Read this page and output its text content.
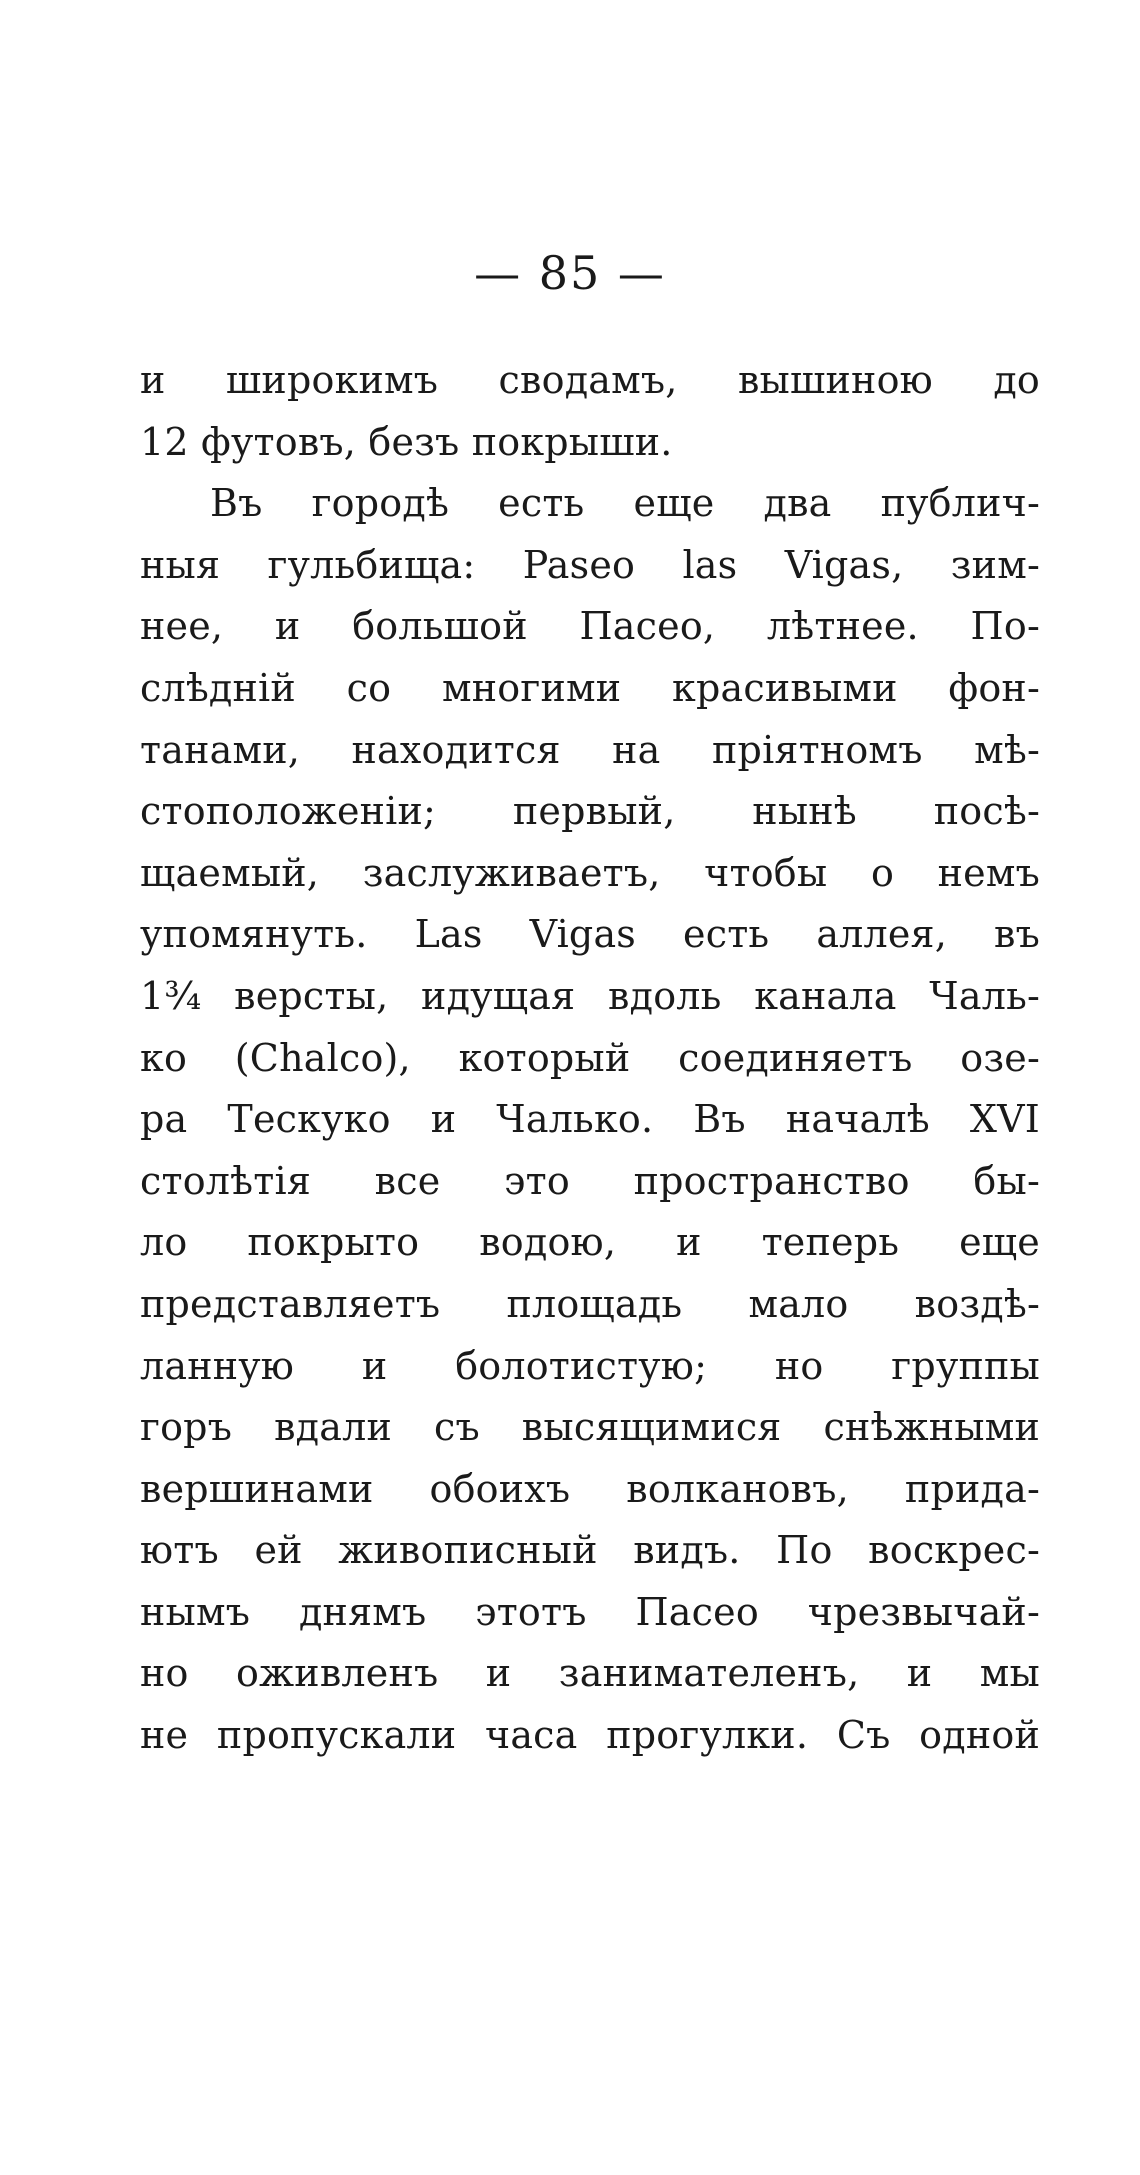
— 85 —
и широкимъ сводамъ, вышиною до
12 футовъ, безъ покрыши.
Въ городѣ есть еще два публич-
ныя гульбища: Paseo las Vigas, зим-
нее, и большой Пасео, лѣтнее. По-
слѣдній со многими красивыми фон-
танами, находится на пріятномъ мѣ-
стоположеніи; первый, нынѣ посѣ-
щаемый, заслуживаетъ, чтобы о немъ
упомянуть. Las Vigas есть аллея, въ
1¾ версты, идущая вдоль канала Чаль-
ко (Chalco), который соединяетъ озе-
ра Тескуко и Чалько. Въ началѣ XVI
столѣтія все это пространство бы-
ло покрыто водою, и теперь еще
представляетъ площадь мало воздѣ-
ланную и болотистую; но группы
горъ вдали съ высящимися снѣжными
вершинами обоихъ волкановъ, прида-
ютъ ей живописный видъ. По воскрес-
нымъ днямъ этотъ Пасео чрезвычай-
но оживленъ и занимателенъ, и мы
не пропускали часа прогулки. Съ одной
